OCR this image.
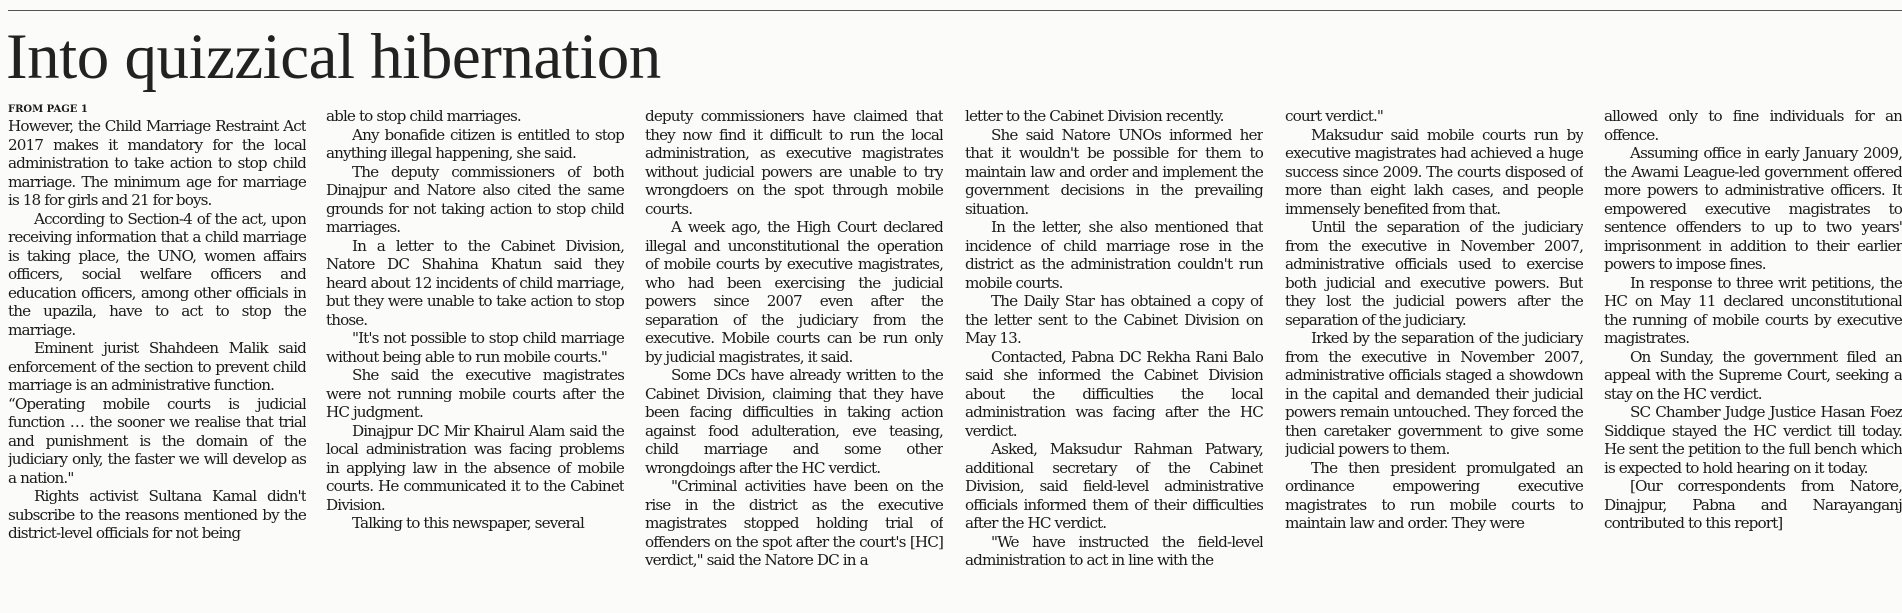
Into quizzical hibernation
FROM PAGE 1

However, the Child Marriage Restraint Act 2017 makes it mandatory for the local administration to take action to stop child marriage. The minimum age for marriage is 18 for girls and 21 for boys.

According to Section-4 of the act, upon receiving information that a child marriage is taking place, the UNO, women affairs officers, social welfare officers and education officers, among other officials in the upazila, have to act to stop the marriage.

Eminent jurist Shahdeen Malik said enforcement of the section to prevent child marriage is an administrative function.

“Operating mobile courts is judicial function … the sooner we realise that trial and punishment is the domain of the judiciary only, the faster we will develop as a nation."

Rights activist Sultana Kamal didn't subscribe to the reasons mentioned by the district-level officials for not being

able to stop child marriages.

Any bonafide citizen is entitled to stop anything illegal happening, she said.

The deputy commissioners of both Dinajpur and Natore also cited the same grounds for not taking action to stop child marriages.

In a letter to the Cabinet Division, Natore DC Shahina Khatun said they heard about 12 incidents of child marriage, but they were unable to take action to stop those.

"It's not possible to stop child marriage without being able to run mobile courts."

She said the executive magistrates were not running mobile courts after the HC judgment.

Dinajpur DC Mir Khairul Alam said the local administration was facing problems in applying law in the absence of mobile courts. He communicated it to the Cabinet Division.

Talking to this newspaper, several

deputy commissioners have claimed that they now find it difficult to run the local administration, as executive magistrates without judicial powers are unable to try wrongdoers on the spot through mobile courts.

A week ago, the High Court declared illegal and unconstitutional the operation of mobile courts by executive magistrates, who had been exercising the judicial powers since 2007 even after the separation of the judiciary from the executive. Mobile courts can be run only by judicial magistrates, it said.

Some DCs have already written to the Cabinet Division, claiming that they have been facing difficulties in taking action against food adulteration, eve teasing, child marriage and some other wrongdoings after the HC verdict.

"Criminal activities have been on the rise in the district as the executive magistrates stopped holding trial of offenders on the spot after the court's [HC] verdict," said the Natore DC in a

letter to the Cabinet Division recently.

She said Natore UNOs informed her that it wouldn't be possible for them to maintain law and order and implement the government decisions in the prevailing situation.

In the letter, she also mentioned that incidence of child marriage rose in the district as the administration couldn't run mobile courts.

The Daily Star has obtained a copy of the letter sent to the Cabinet Division on May 13.

Contacted, Pabna DC Rekha Rani Balo said she informed the Cabinet Division about the difficulties the local administration was facing after the HC verdict.

Asked, Maksudur Rahman Patwary, additional secretary of the Cabinet Division, said field-level administrative officials informed them of their difficulties after the HC verdict.

"We have instructed the field-level administration to act in line with the

court verdict."

Maksudur said mobile courts run by executive magistrates had achieved a huge success since 2009. The courts disposed of more than eight lakh cases, and people immensely benefited from that.

Until the separation of the judiciary from the executive in November 2007, administrative officials used to exercise both judicial and executive powers. But they lost the judicial powers after the separation of the judiciary.

Irked by the separation of the judiciary from the executive in November 2007, administrative officials staged a showdown in the capital and demanded their judicial powers remain untouched. They forced the then caretaker government to give some judicial powers to them.

The then president promulgated an ordinance empowering executive magistrates to run mobile courts to maintain law and order. They were

allowed only to fine individuals for an offence.

Assuming office in early January 2009, the Awami League-led government offered more powers to administrative officers. It empowered executive magistrates to sentence offenders to up to two years' imprisonment in addition to their earlier powers to impose fines.

In response to three writ petitions, the HC on May 11 declared unconstitutional the running of mobile courts by executive magistrates.

On Sunday, the government filed an appeal with the Supreme Court, seeking a stay on the HC verdict.

SC Chamber Judge Justice Hasan Foez Siddique stayed the HC verdict till today. He sent the petition to the full bench which is expected to hold hearing on it today.

[Our correspondents from Natore, Dinajpur, Pabna and Narayanganj contributed to this report]
